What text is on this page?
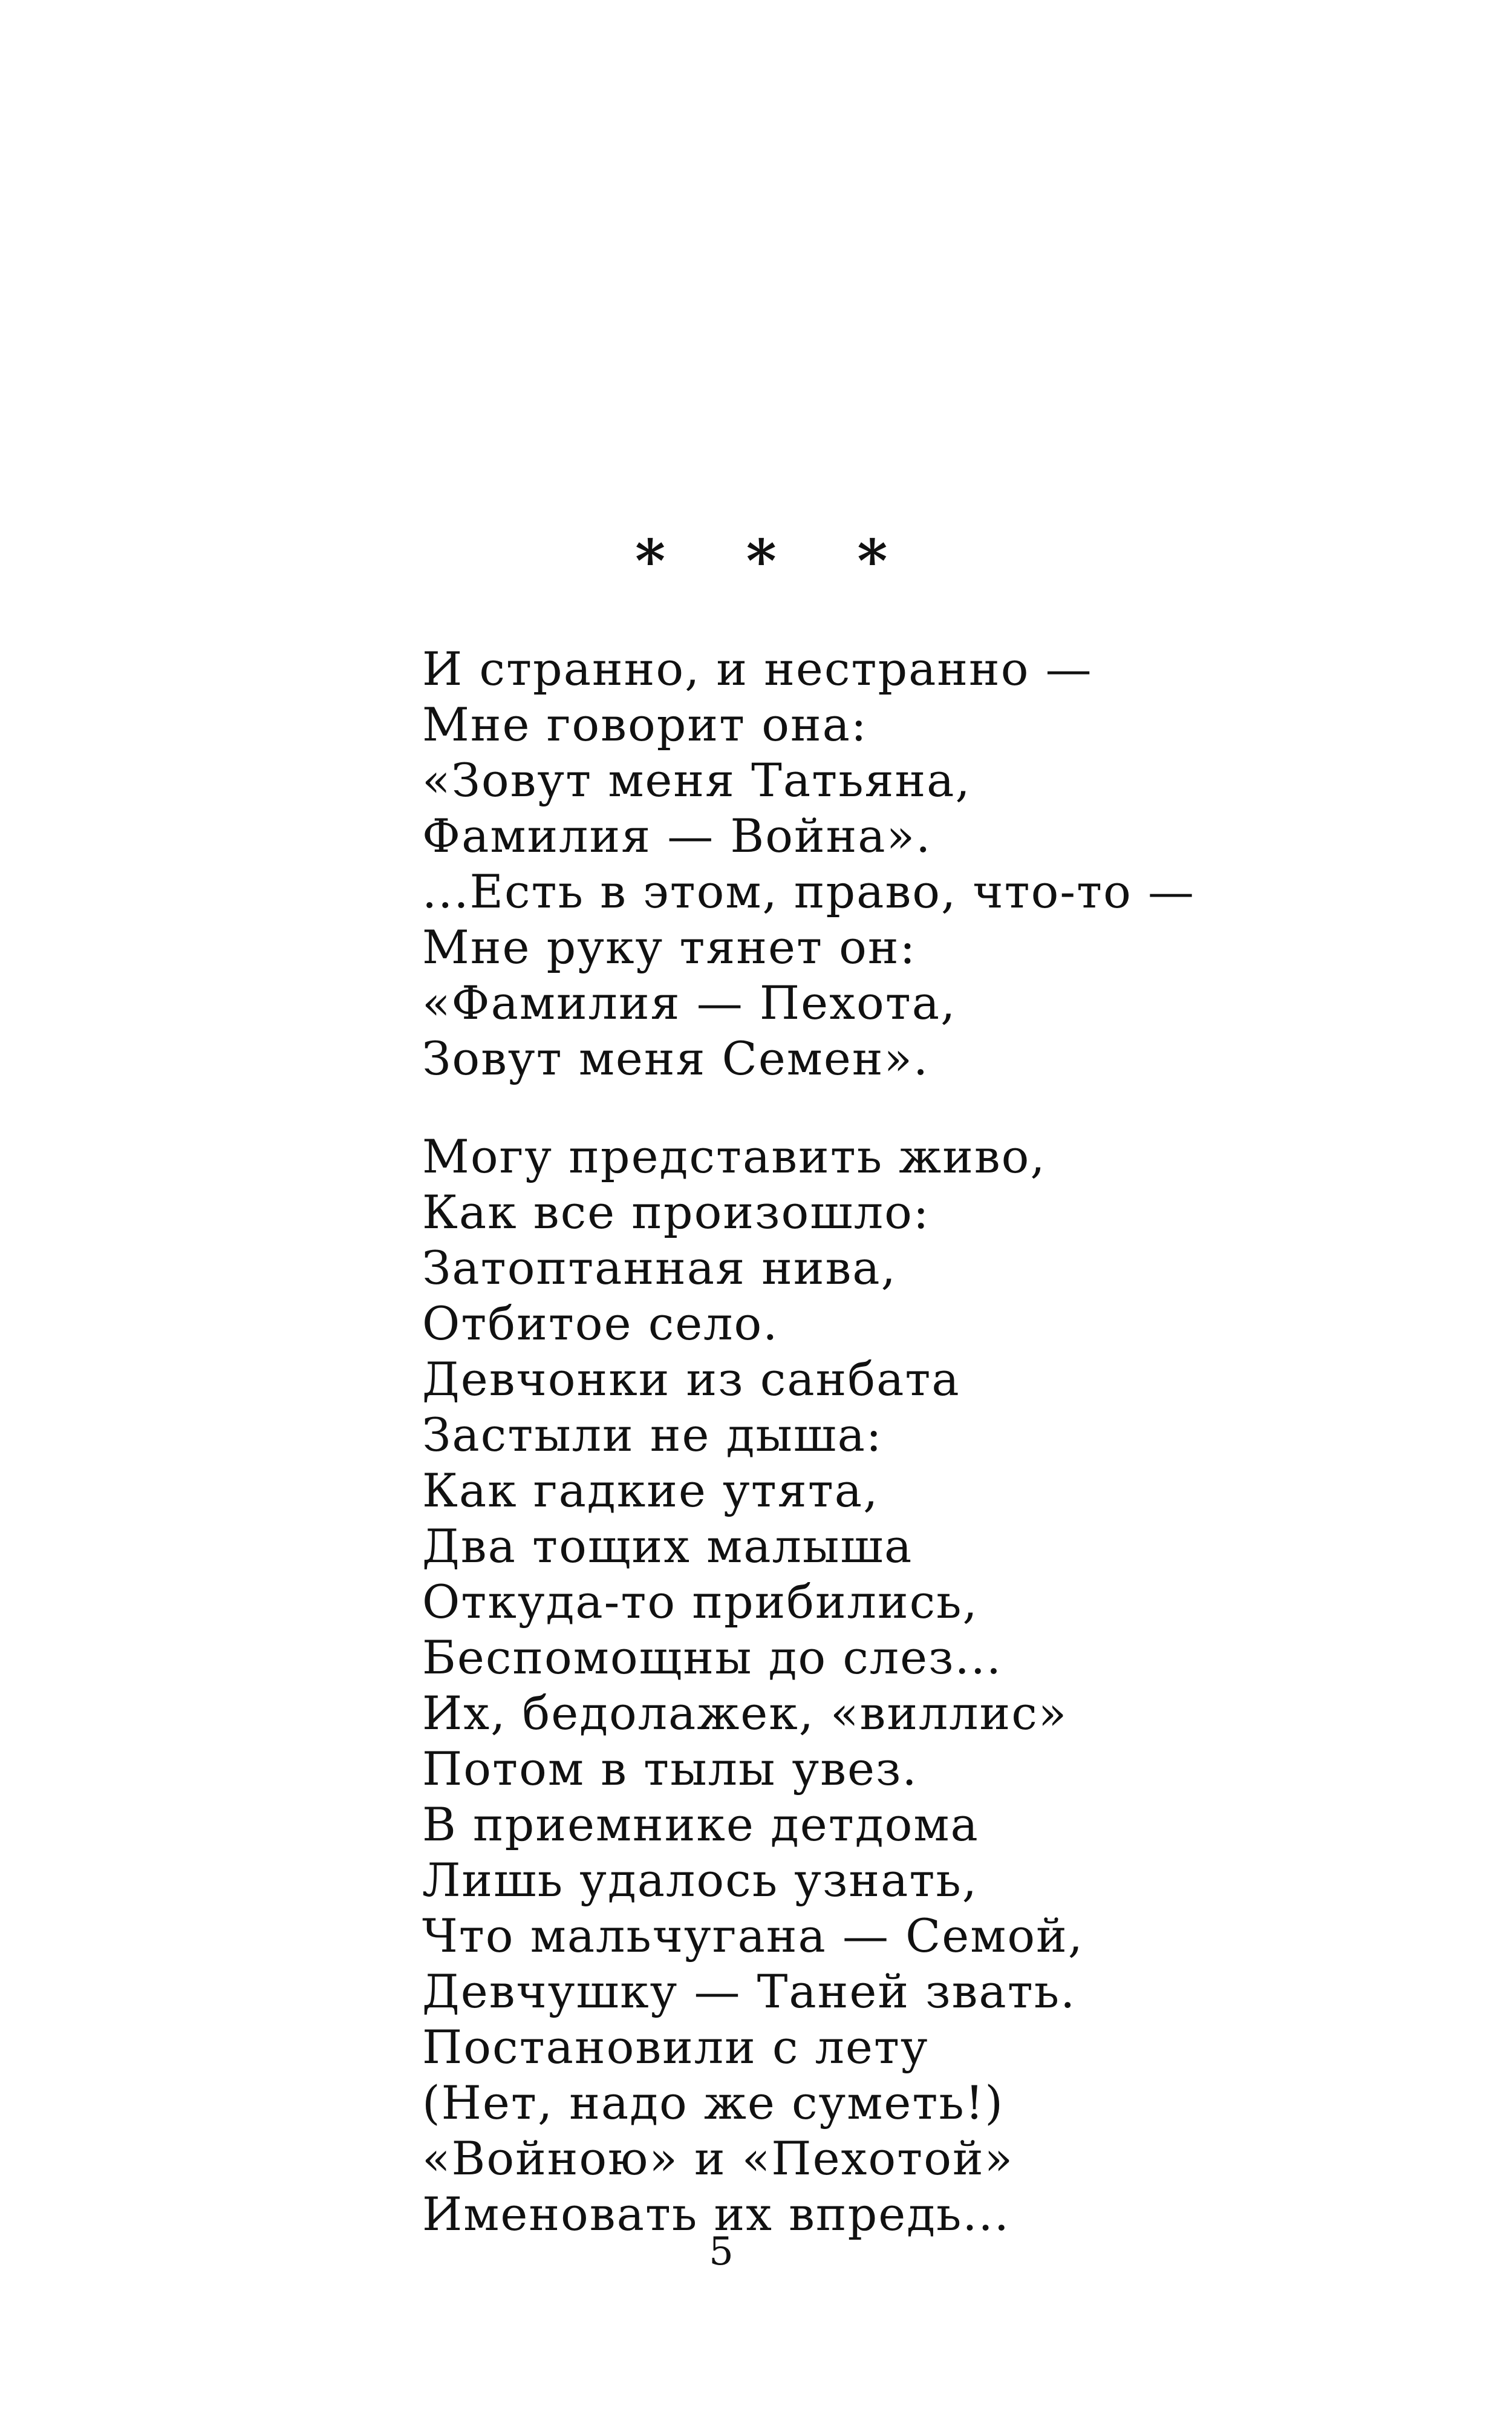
* * *
И странно, и нестранно —
Мне говорит она:
«Зовут меня Татьяна,
Фамилия — Война».
...Есть в этом, право, что-то —
Мне руку тянет он:
«Фамилия — Пехота,
Зовут меня Семен».
Могу представить живо,
Как все произошло:
Затоптанная нива,
Отбитое село.
Девчонки из санбата
Застыли не дыша:
Как гадкие утята,
Два тощих малыша
Откуда-то прибились,
Беспомощны до слез...
Их, бедолажек, «виллис»
Потом в тылы увез.
В приемнике детдома
Лишь удалось узнать,
Что мальчугана — Семой,
Девчушку — Таней звать.
Постановили с лету
(Нет, надо же суметь!)
«Войною» и «Пехотой»
Именовать их впредь...
5
